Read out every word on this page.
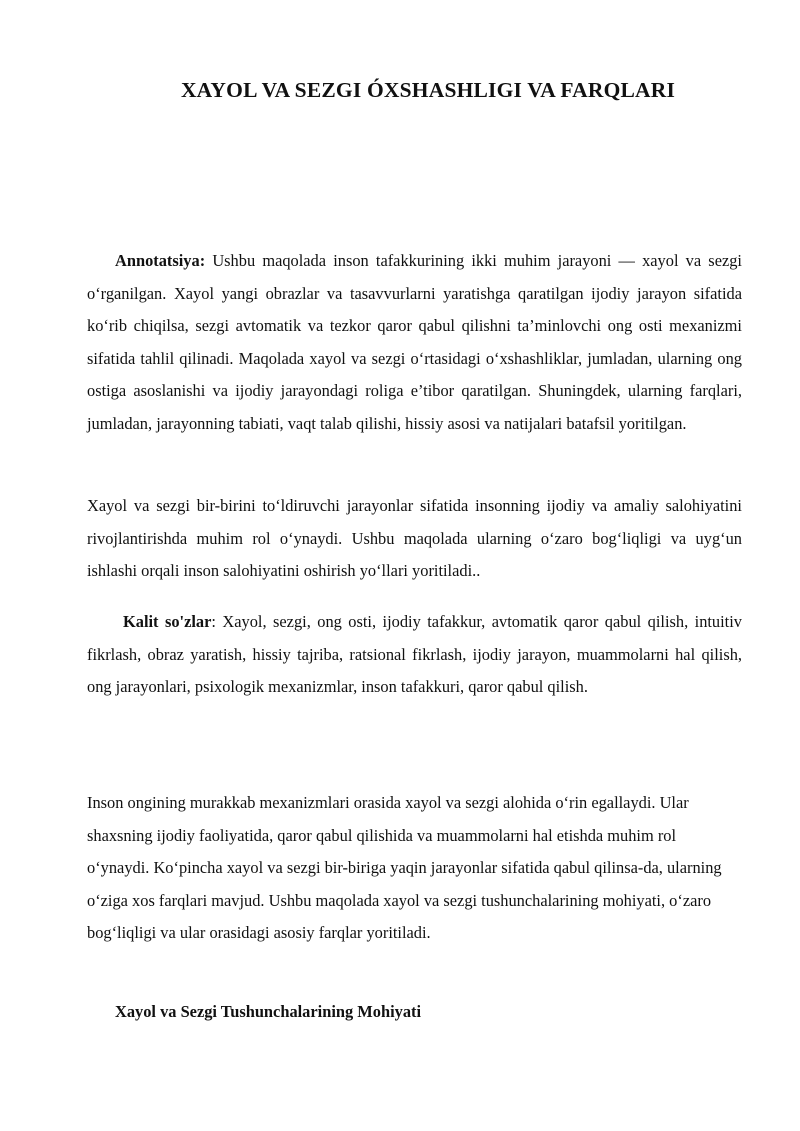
XAYOL VA SEZGI ÓXSHASHLIGI VA FARQLARI

Annotatsiya: Ushbu maqolada inson tafakkurining ikki muhim jarayoni — xayol va sezgi o‘rganilgan. Xayol yangi obrazlar va tasavvurlarni yaratishga qaratilgan ijodiy jarayon sifatida ko‘rib chiqilsa, sezgi avtomatik va tezkor qaror qabul qilishni ta’minlovchi ong osti mexanizmi sifatida tahlil qilinadi. Maqolada xayol va sezgi o‘rtasidagi o‘xshashliklar, jumladan, ularning ong ostiga asoslanishi va ijodiy jarayondagi roliga e’tibor qaratilgan. Shuningdek, ularning farqlari, jumladan, jarayonning tabiati, vaqt talab qilishi, hissiy asosi va natijalari batafsil yoritilgan.

Xayol va sezgi bir-birini to‘ldiruvchi jarayonlar sifatida insonning ijodiy va amaliy salohiyatini rivojlantirishda muhim rol o‘ynaydi. Ushbu maqolada ularning o‘zaro bog‘liqligi va uyg‘un ishlashi orqali inson salohiyatini oshirish yo‘llari yoritiladi..

Kalit so'zlar: Xayol, sezgi, ong osti, ijodiy tafakkur, avtomatik qaror qabul qilish, intuitiv fikrlash, obraz yaratish, hissiy tajriba, ratsional fikrlash, ijodiy jarayon, muammolarni hal qilish, ong jarayonlari, psixologik mexanizmlar, inson tafakkuri, qaror qabul qilish.

Inson ongining murakkab mexanizmlari orasida xayol va sezgi alohida o‘rin egallaydi. Ular shaxsning ijodiy faoliyatida, qaror qabul qilishida va muammolarni hal etishda muhim rol o‘ynaydi. Ko‘pincha xayol va sezgi bir-biriga yaqin jarayonlar sifatida qabul qilinsa-da, ularning o‘ziga xos farqlari mavjud. Ushbu maqolada xayol va sezgi tushunchalarining mohiyati, o‘zaro bog‘liqligi va ular orasidagi asosiy farqlar yoritiladi.

Xayol va Sezgi Tushunchalarining Mohiyati
